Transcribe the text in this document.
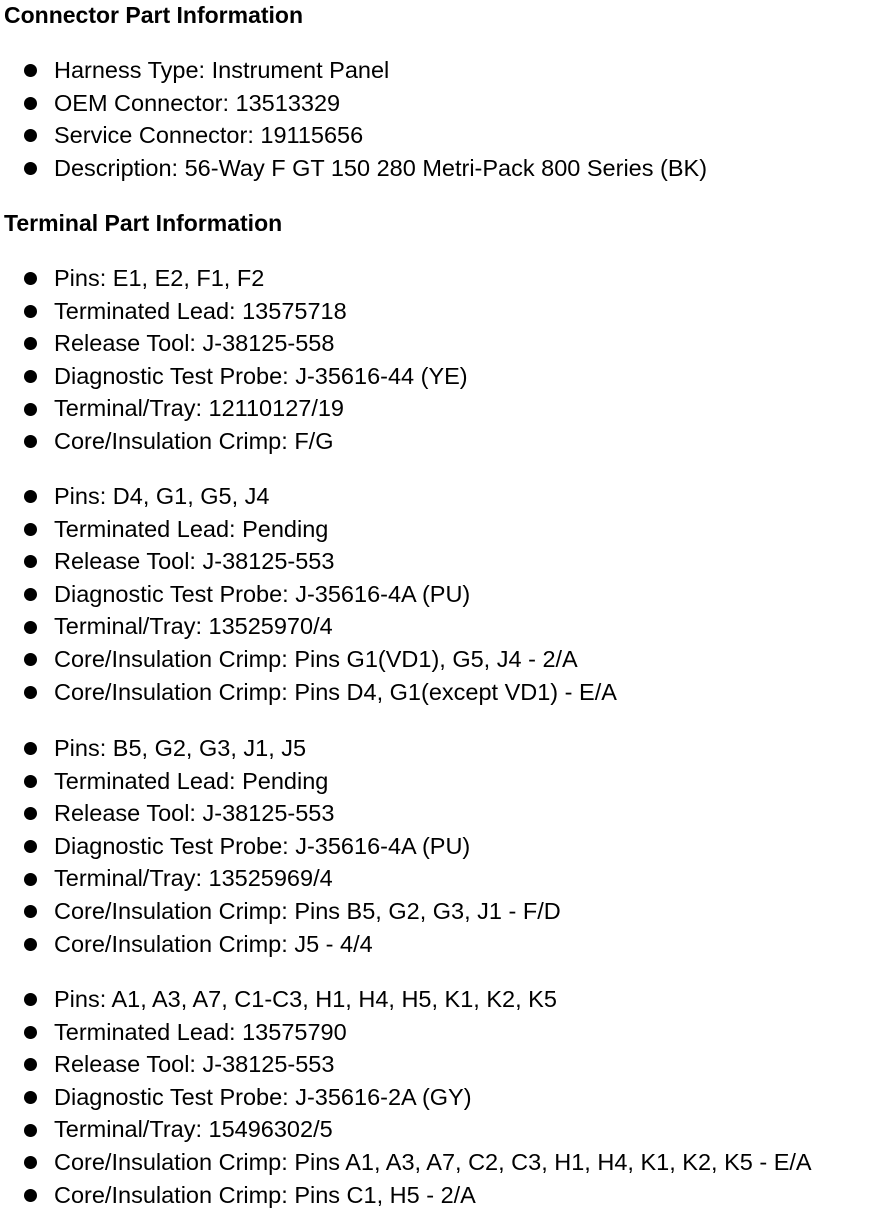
Connector Part Information
Harness Type: Instrument Panel
OEM Connector: 13513329
Service Connector: 19115656
Description: 56-Way F GT 150 280 Metri-Pack 800 Series (BK)
Terminal Part Information
Pins: E1, E2, F1, F2
Terminated Lead: 13575718
Release Tool: J-38125-558
Diagnostic Test Probe: J-35616-44 (YE)
Terminal/Tray: 12110127/19
Core/Insulation Crimp: F/G
Pins: D4, G1, G5, J4
Terminated Lead: Pending
Release Tool: J-38125-553
Diagnostic Test Probe: J-35616-4A (PU)
Terminal/Tray: 13525970/4
Core/Insulation Crimp: Pins G1(VD1), G5, J4 - 2/A
Core/Insulation Crimp: Pins D4, G1(except VD1) - E/A
Pins: B5, G2, G3, J1, J5
Terminated Lead: Pending
Release Tool: J-38125-553
Diagnostic Test Probe: J-35616-4A (PU)
Terminal/Tray: 13525969/4
Core/Insulation Crimp: Pins B5, G2, G3, J1 - F/D
Core/Insulation Crimp: J5 - 4/4
Pins: A1, A3, A7, C1-C3, H1, H4, H5, K1, K2, K5
Terminated Lead: 13575790
Release Tool: J-38125-553
Diagnostic Test Probe: J-35616-2A (GY)
Terminal/Tray: 15496302/5
Core/Insulation Crimp: Pins A1, A3, A7, C2, C3, H1, H4, K1, K2, K5 - E/A
Core/Insulation Crimp: Pins C1, H5 - 2/A
